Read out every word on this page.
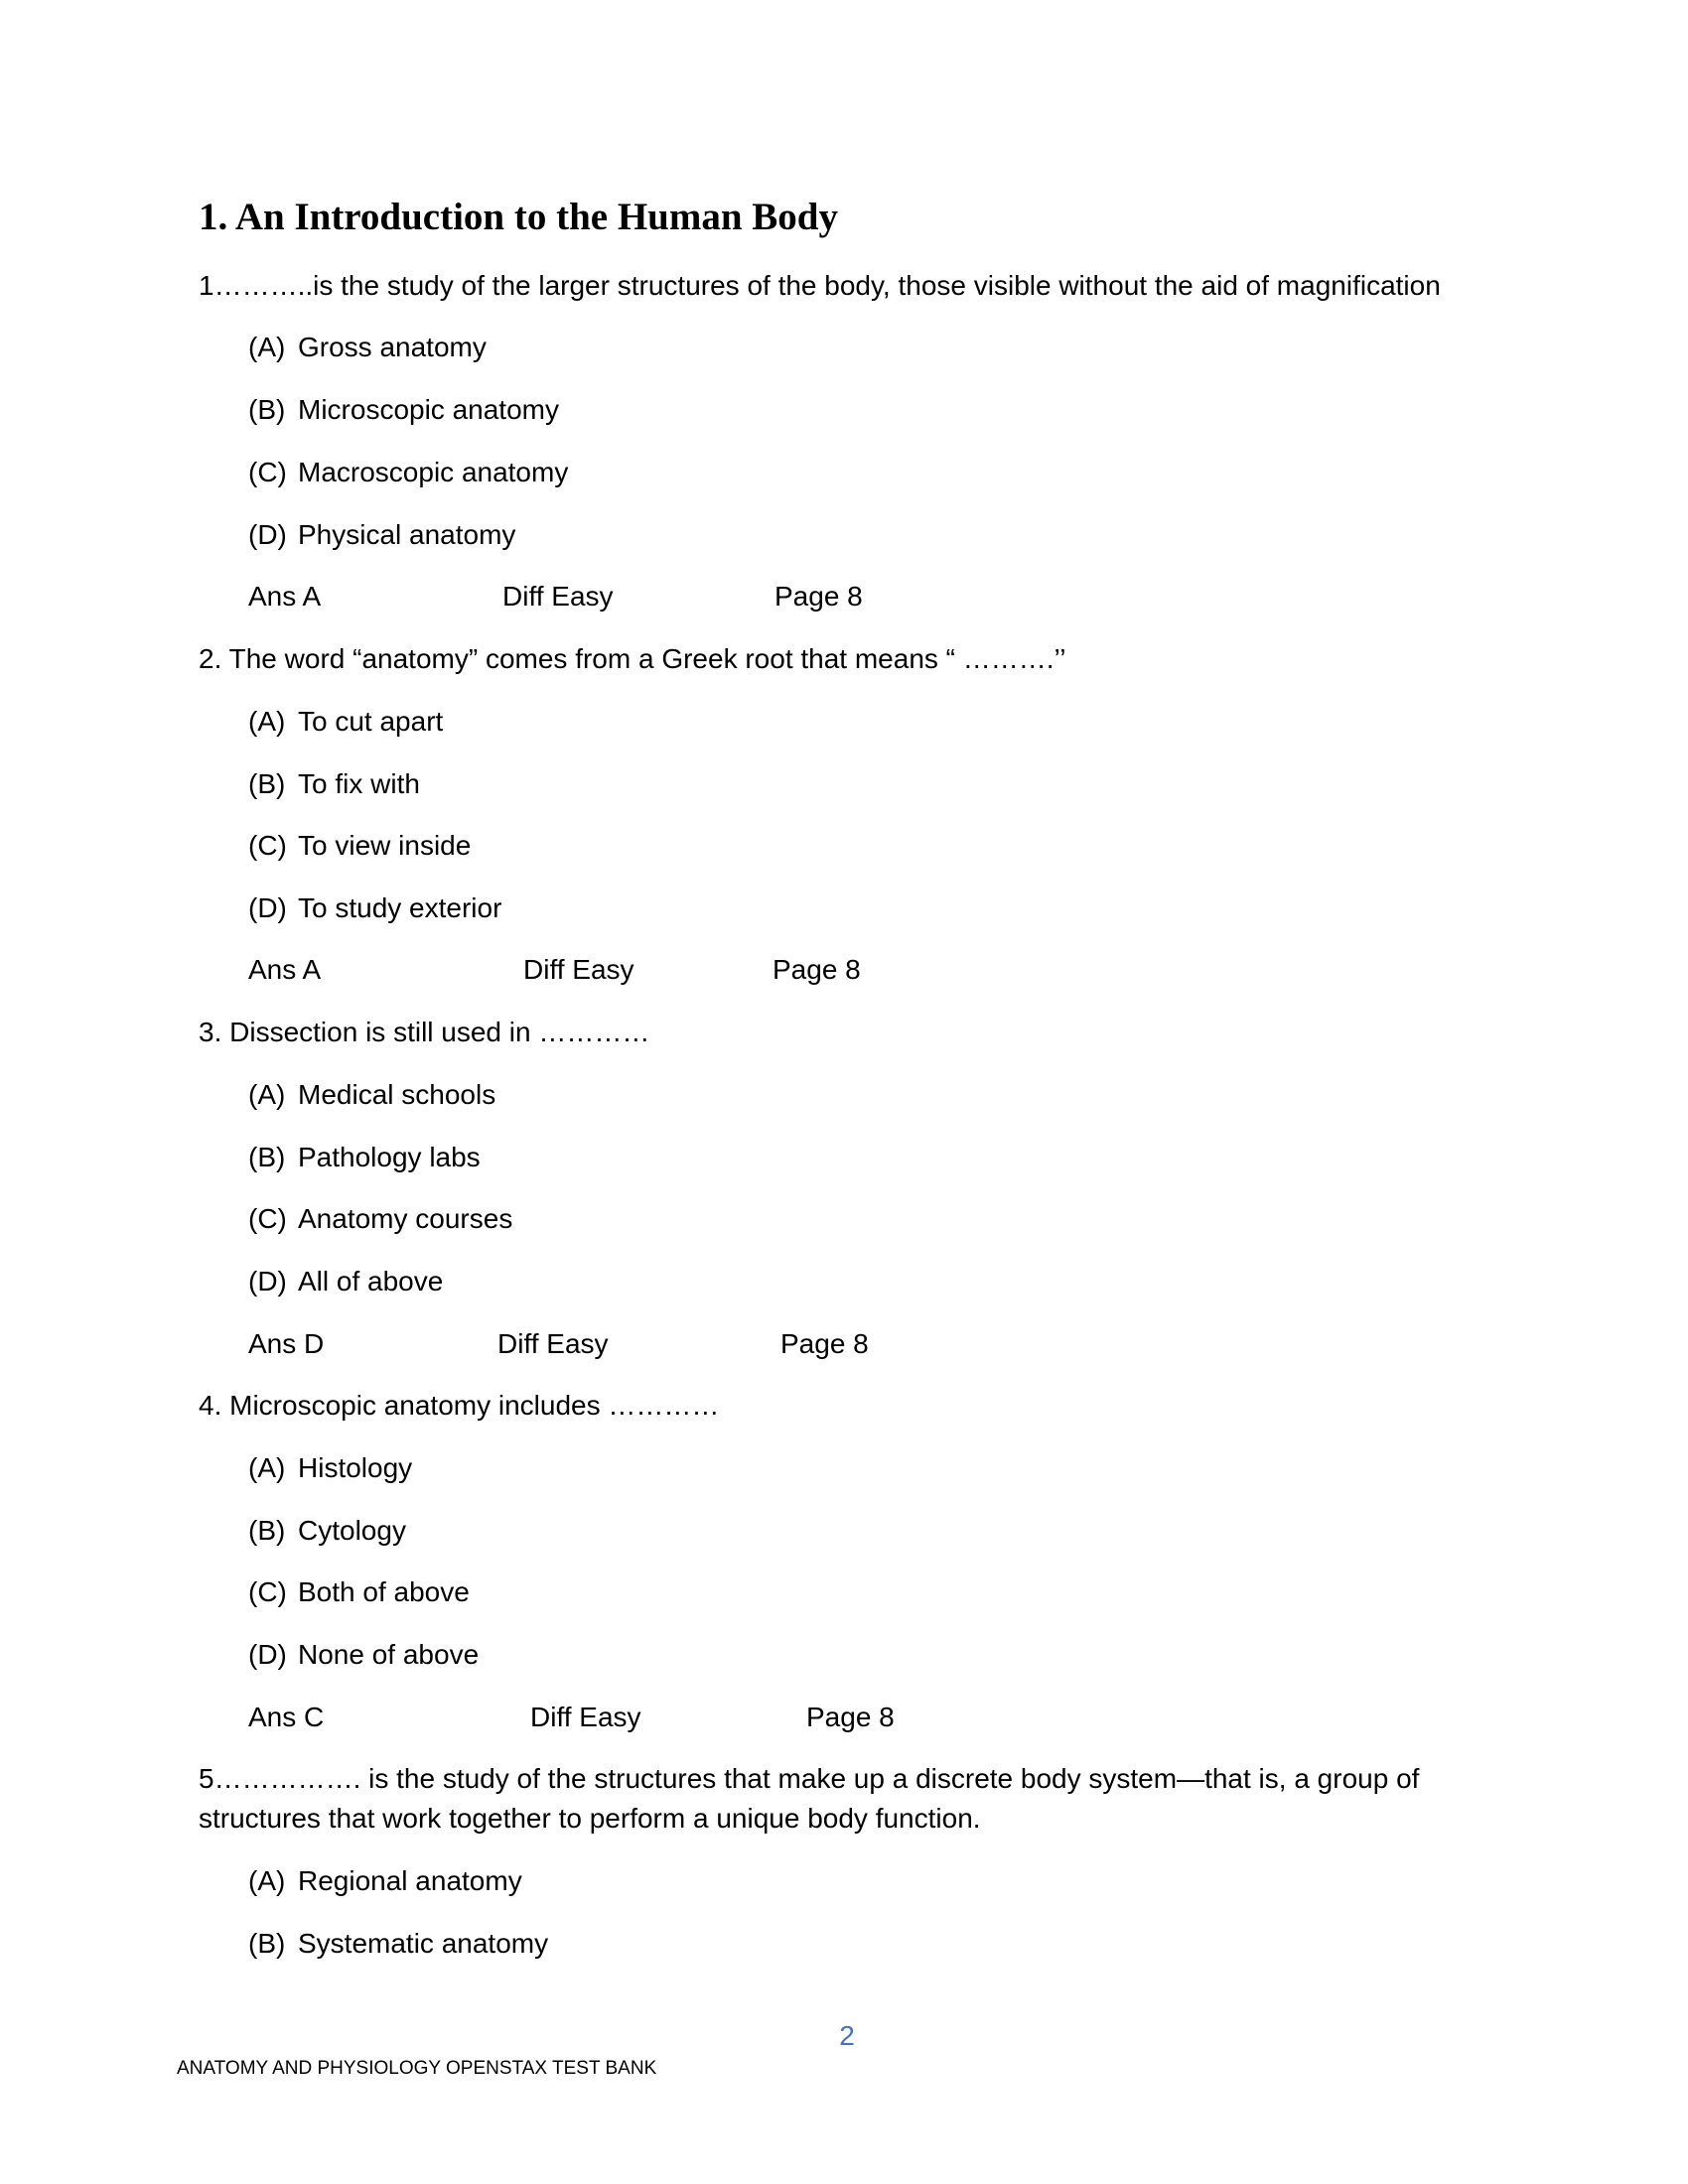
1. An Introduction to the Human Body
1………..is the study of the larger structures of the body, those visible without the aid of magnification
(A) Gross anatomy
(B) Microscopic anatomy
(C) Macroscopic anatomy
(D) Physical anatomy
Ans A	Diff Easy	Page 8
2. The word “anatomy” comes from a Greek root that means “ ……….’’
(A) To cut apart
(B) To fix with
(C) To view inside
(D) To study exterior
Ans A	Diff Easy	Page 8
3. Dissection is still used in …………
(A) Medical schools
(B) Pathology labs
(C) Anatomy courses
(D) All of above
Ans D	Diff Easy	Page 8
4. Microscopic anatomy includes …………
(A) Histology
(B) Cytology
(C) Both of above
(D) None of above
Ans C	Diff Easy	Page 8
5……………. is the study of the structures that make up a discrete body system—that is, a group of structures that work together to perform a unique body function.
(A) Regional anatomy
(B) Systematic anatomy
2
ANATOMY AND PHYSIOLOGY OPENSTAX TEST BANK
